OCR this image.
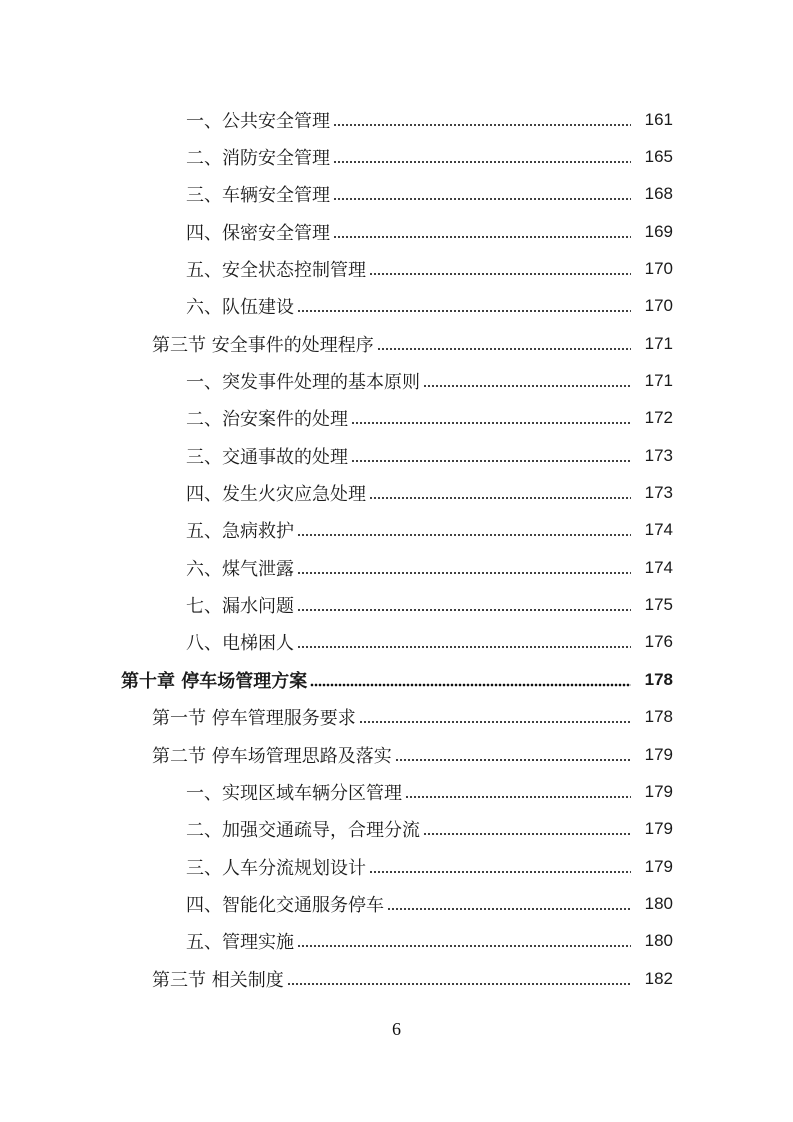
一、公共安全管理	161
二、消防安全管理	165
三、车辆安全管理	168
四、保密安全管理	169
五、安全状态控制管理	170
六、队伍建设	170
第三节 安全事件的处理程序	171
一、突发事件处理的基本原则	171
二、治安案件的处理	172
三、交通事故的处理	173
四、发生火灾应急处理	173
五、急病救护	174
六、煤气泄露	174
七、漏水问题	175
八、电梯困人	176
第十章 停车场管理方案	178
第一节 停车管理服务要求	178
第二节 停车场管理思路及落实	179
一、实现区域车辆分区管理	179
二、加强交通疏导，合理分流	179
三、人车分流规划设计	179
四、智能化交通服务停车	180
五、管理实施	180
第三节 相关制度	182
6
